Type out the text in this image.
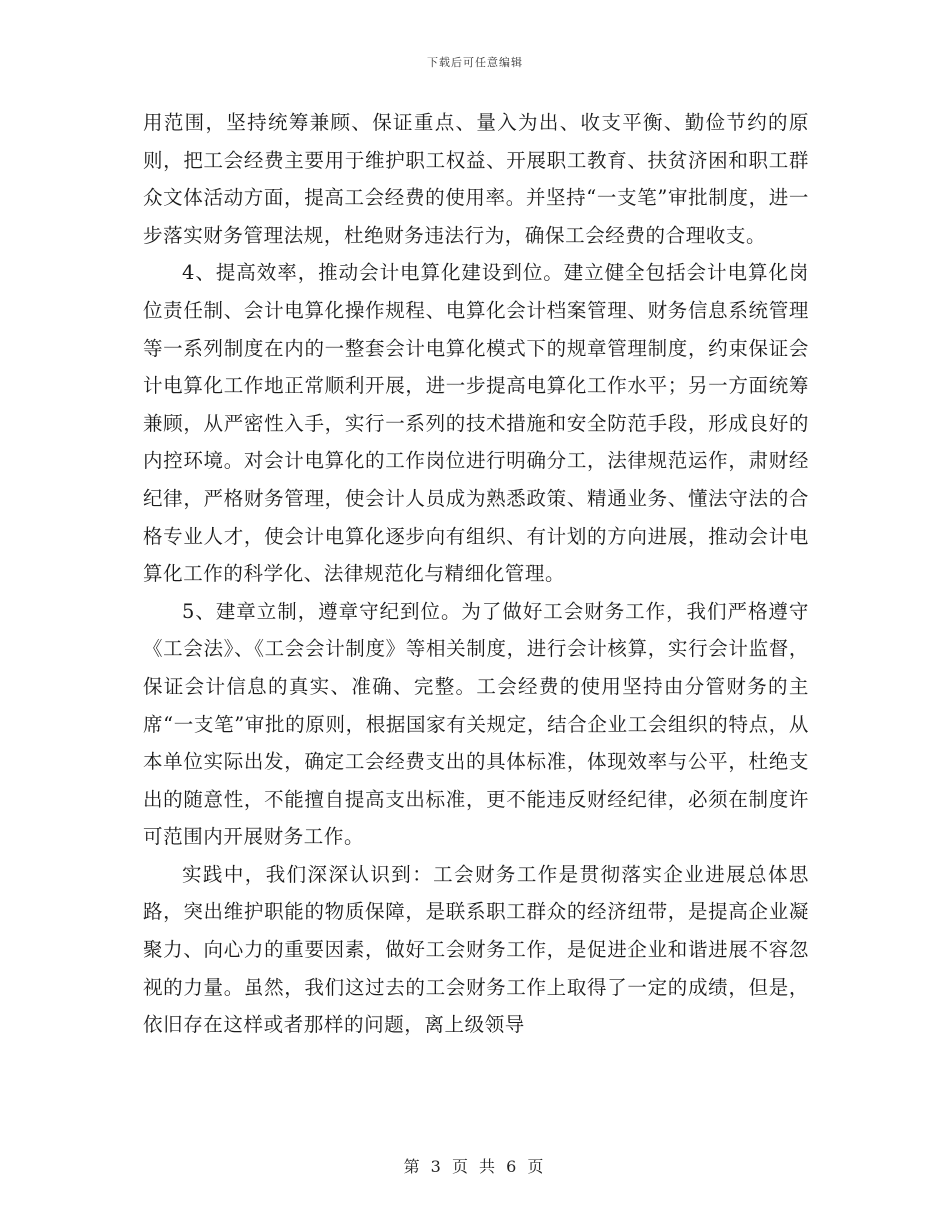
下载后可任意编辑

用范围，坚持统筹兼顾、保证重点、量入为出、收支平衡、勤俭节约的原则，把工会经费主要用于维护职工权益、开展职工教育、扶贫济困和职工群众文体活动方面，提高工会经费的使用率。并坚持“一支笔”审批制度，进一步落实财务管理法规，杜绝财务违法行为，确保工会经费的合理收支。

4、提高效率，推动会计电算化建设到位。建立健全包括会计电算化岗位责任制、会计电算化操作规程、电算化会计档案管理、财务信息系统管理等一系列制度在内的一整套会计电算化模式下的规章管理制度，约束保证会计电算化工作地正常顺利开展，进一步提高电算化工作水平；另一方面统筹兼顾，从严密性入手，实行一系列的技术措施和安全防范手段，形成良好的内控环境。对会计电算化的工作岗位进行明确分工，法律规范运作，肃财经纪律，严格财务管理，使会计人员成为熟悉政策、精通业务、懂法守法的合格专业人才，使会计电算化逐步向有组织、有计划的方向进展，推动会计电算化工作的科学化、法律规范化与精细化管理。

5、建章立制，遵章守纪到位。为了做好工会财务工作，我们严格遵守《工会法》、《工会会计制度》等相关制度，进行会计核算，实行会计监督，保证会计信息的真实、准确、完整。工会经费的使用坚持由分管财务的主席“一支笔”审批的原则，根据国家有关规定，结合企业工会组织的特点，从本单位实际出发，确定工会经费支出的具体标准，体现效率与公平，杜绝支出的随意性，不能擅自提高支出标准，更不能违反财经纪律，必须在制度许可范围内开展财务工作。

实践中，我们深深认识到：工会财务工作是贯彻落实企业进展总体思路，突出维护职能的物质保障，是联系职工群众的经济纽带，是提高企业凝聚力、向心力的重要因素，做好工会财务工作，是促进企业和谐进展不容忽视的力量。虽然，我们这过去的工会财务工作上取得了一定的成绩，但是，依旧存在这样或者那样的问题，离上级领导

第 3 页 共 6 页
